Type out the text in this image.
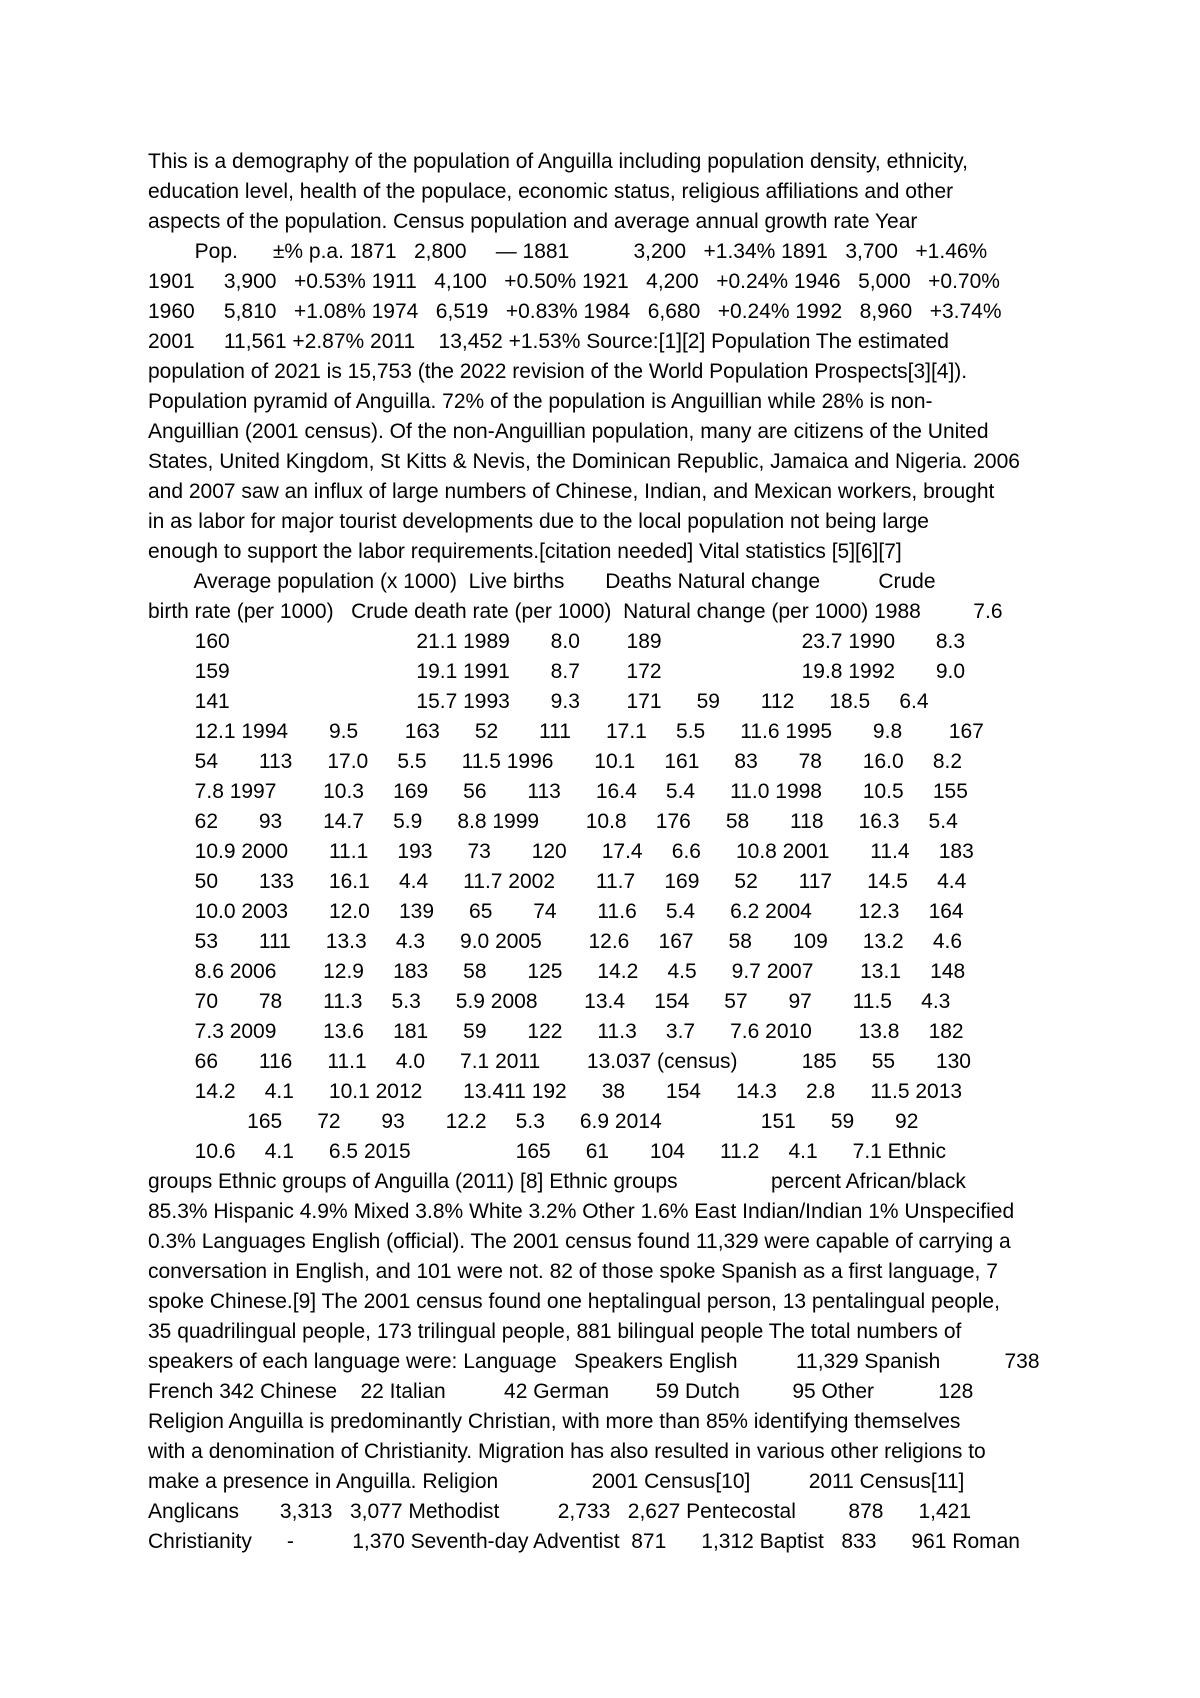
This is a demography of the population of Anguilla including population density, ethnicity,

education level, health of the populace, economic status, religious affiliations and other

aspects of the population. Census population and average annual growth rate Year

Pop.      ±% p.a. 1871   2,800     — 1881           3,200   +1.34% 1891   3,700   +1.46%

1901     3,900   +0.53% 1911   4,100   +0.50% 1921   4,200   +0.24% 1946   5,000   +0.70%

1960     5,810   +1.08% 1974   6,519   +0.83% 1984   6,680   +0.24% 1992   8,960   +3.74%

2001     11,561 +2.87% 2011    13,452 +1.53% Source:[1][2] Population The estimated

population of 2021 is 15,753 (the 2022 revision of the World Population Prospects[3][4]).

Population pyramid of Anguilla. 72% of the population is Anguillian while 28% is non-

Anguillian (2001 census). Of the non-Anguillian population, many are citizens of the United

States, United Kingdom, St Kitts & Nevis, the Dominican Republic, Jamaica and Nigeria. 2006

and 2007 saw an influx of large numbers of Chinese, Indian, and Mexican workers, brought

in as labor for major tourist developments due to the local population not being large

enough to support the labor requirements.[citation needed] Vital statistics [5][6][7]

Average population (x 1000)  Live births       Deaths Natural change          Crude

birth rate (per 1000)   Crude death rate (per 1000)  Natural change (per 1000) 1988         7.6

160                                21.1 1989       8.0        189                        23.7 1990       8.3

159                                19.1 1991       8.7        172                        19.8 1992       9.0

141                                15.7 1993       9.3        171      59       112      18.5     6.4

12.1 1994       9.5        163      52       111      17.1     5.5      11.6 1995       9.8        167

54       113      17.0     5.5      11.5 1996       10.1     161      83       78       16.0     8.2

7.8 1997        10.3     169      56       113      16.4     5.4      11.0 1998       10.5     155

62       93       14.7     5.9      8.8 1999        10.8     176      58       118      16.3     5.4

10.9 2000       11.1     193      73       120      17.4     6.6      10.8 2001       11.4     183

50       133      16.1     4.4      11.7 2002       11.7     169      52       117      14.5     4.4

10.0 2003       12.0     139      65       74       11.6     5.4      6.2 2004        12.3     164

53       111      13.3     4.3      9.0 2005        12.6     167      58       109      13.2     4.6

8.6 2006        12.9     183      58       125      14.2     4.5      9.7 2007        13.1     148

70       78       11.3     5.3      5.9 2008        13.4     154      57       97       11.5     4.3

7.3 2009        13.6     181      59       122      11.3     3.7      7.6 2010        13.8     182

66       116      11.1     4.0      7.1 2011        13.037 (census)           185      55       130

14.2     4.1      10.1 2012       13.411 192      38       154      14.3     2.8      11.5 2013

165      72       93       12.2     5.3      6.9 2014                 151      59       92

10.6     4.1      6.5 2015                  165      61       104      11.2     4.1      7.1 Ethnic

groups Ethnic groups of Anguilla (2011) [8] Ethnic groups                percent African/black

85.3% Hispanic 4.9% Mixed 3.8% White 3.2% Other 1.6% East Indian/Indian 1% Unspecified

0.3% Languages English (official). The 2001 census found 11,329 were capable of carrying a

conversation in English, and 101 were not. 82 of those spoke Spanish as a first language, 7

spoke Chinese.[9] The 2001 census found one heptalingual person, 13 pentalingual people,

35 quadrilingual people, 173 trilingual people, 881 bilingual people The total numbers of

speakers of each language were: Language   Speakers English          11,329 Spanish           738

French 342 Chinese    22 Italian          42 German        59 Dutch         95 Other           128

Religion Anguilla is predominantly Christian, with more than 85% identifying themselves

with a denomination of Christianity. Migration has also resulted in various other religions to

make a presence in Anguilla. Religion                2001 Census[10]          2011 Census[11]

Anglicans       3,313   3,077 Methodist          2,733   2,627 Pentecostal         878      1,421

Christianity      -          1,370 Seventh-day Adventist  871      1,312 Baptist   833      961 Roman
